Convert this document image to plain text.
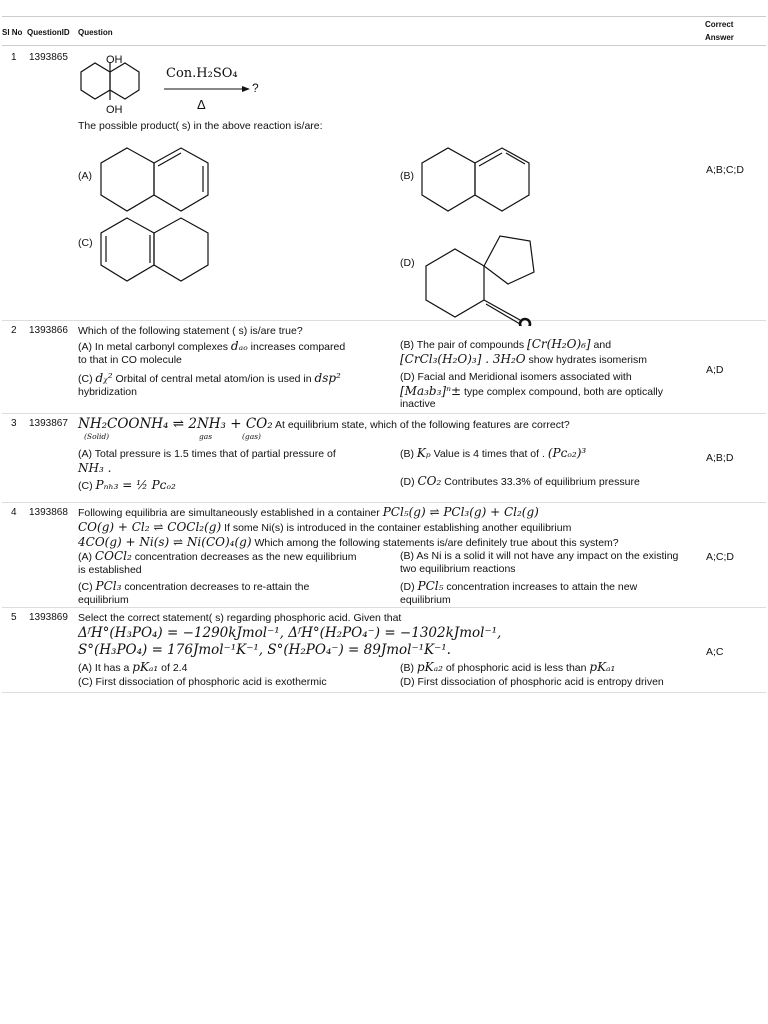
Sl No QuestionID Question
Correct
Answer
1 1393865	OH
OH
Con.H₂SO₄
?
Δ
The possible product( s) in the above reaction is/are:
(A)	(B)
(C)
(D)
A;B;C;D
2 1393866 Which of the following statement ( s) is/are true?
(A) In metal carbonyl complexes dₐₒ increases compared
to that in CO molecule
(B) The pair of compounds [Cr(H₂O)₆] and
[CrCl₃(H₂O)₃] . 3H₂O show hydrates isomerism
(C) dᵪ² Orbital of central metal atom/ion is used in dsp²
hybridization
(D) Facial and Meridional isomers associated with
[Ma₃b₃]ⁿ± type complex compound, both are optically
inactive
A;D
3 1393867 NH₂COONH₄ ⇌ 2NH₃ + CO₂ At equilibrium state, which of the following features are correct?
(Solid)	gas	(gas)
(A) Total pressure is 1.5 times that of partial pressure of
NH₃ .
(B) Kₚ Value is 4 times that of . (Pᴄₒ₂)³
(C) Pₙₕ₃ = ½ Pᴄₒ₂	(D) CO₂ Contributes 33.3% of equilibrium pressure
A;B;D
4 1393868 Following equilibria are simultaneously established in a container PCl₅(g) ⇌ PCl₃(g) + Cl₂(g)
CO(g) + Cl₂ ⇌ COCl₂(g) If some Ni(s) is introduced in the container establishing another equilibrium
4CO(g) + Ni(s) ⇌ Ni(CO)₄(g) Which among the following statements is/are definitely true about this system?
(A) COCl₂ concentration decreases as the new equilibrium
is established
(B) As Ni is a solid it will not have any impact on the existing
two equilibrium reactions
(C) PCl₃ concentration decreases to re-attain the
equilibrium
(D) PCl₅ concentration increases to attain the new
equilibrium
A;C;D
5 1393869 Select the correct statement( s) regarding phosphoric acid. Given that
ΔᶠH°(H₃PO₄) = −1290kJmol⁻¹, ΔᶠH°(H₂PO₄⁻) = −1302kJmol⁻¹,
S°(H₃PO₄) = 176Jmol⁻¹K⁻¹, S°(H₂PO₄⁻) = 89Jmol⁻¹K⁻¹.
(A) It has a pKₐ₁ of 2.4	(B) pKₐ₂ of phosphoric acid is less than pKₐ₁
(C) First dissociation of phosphoric acid is exothermic	(D) First dissociation of phosphoric acid is entropy driven
A;C
